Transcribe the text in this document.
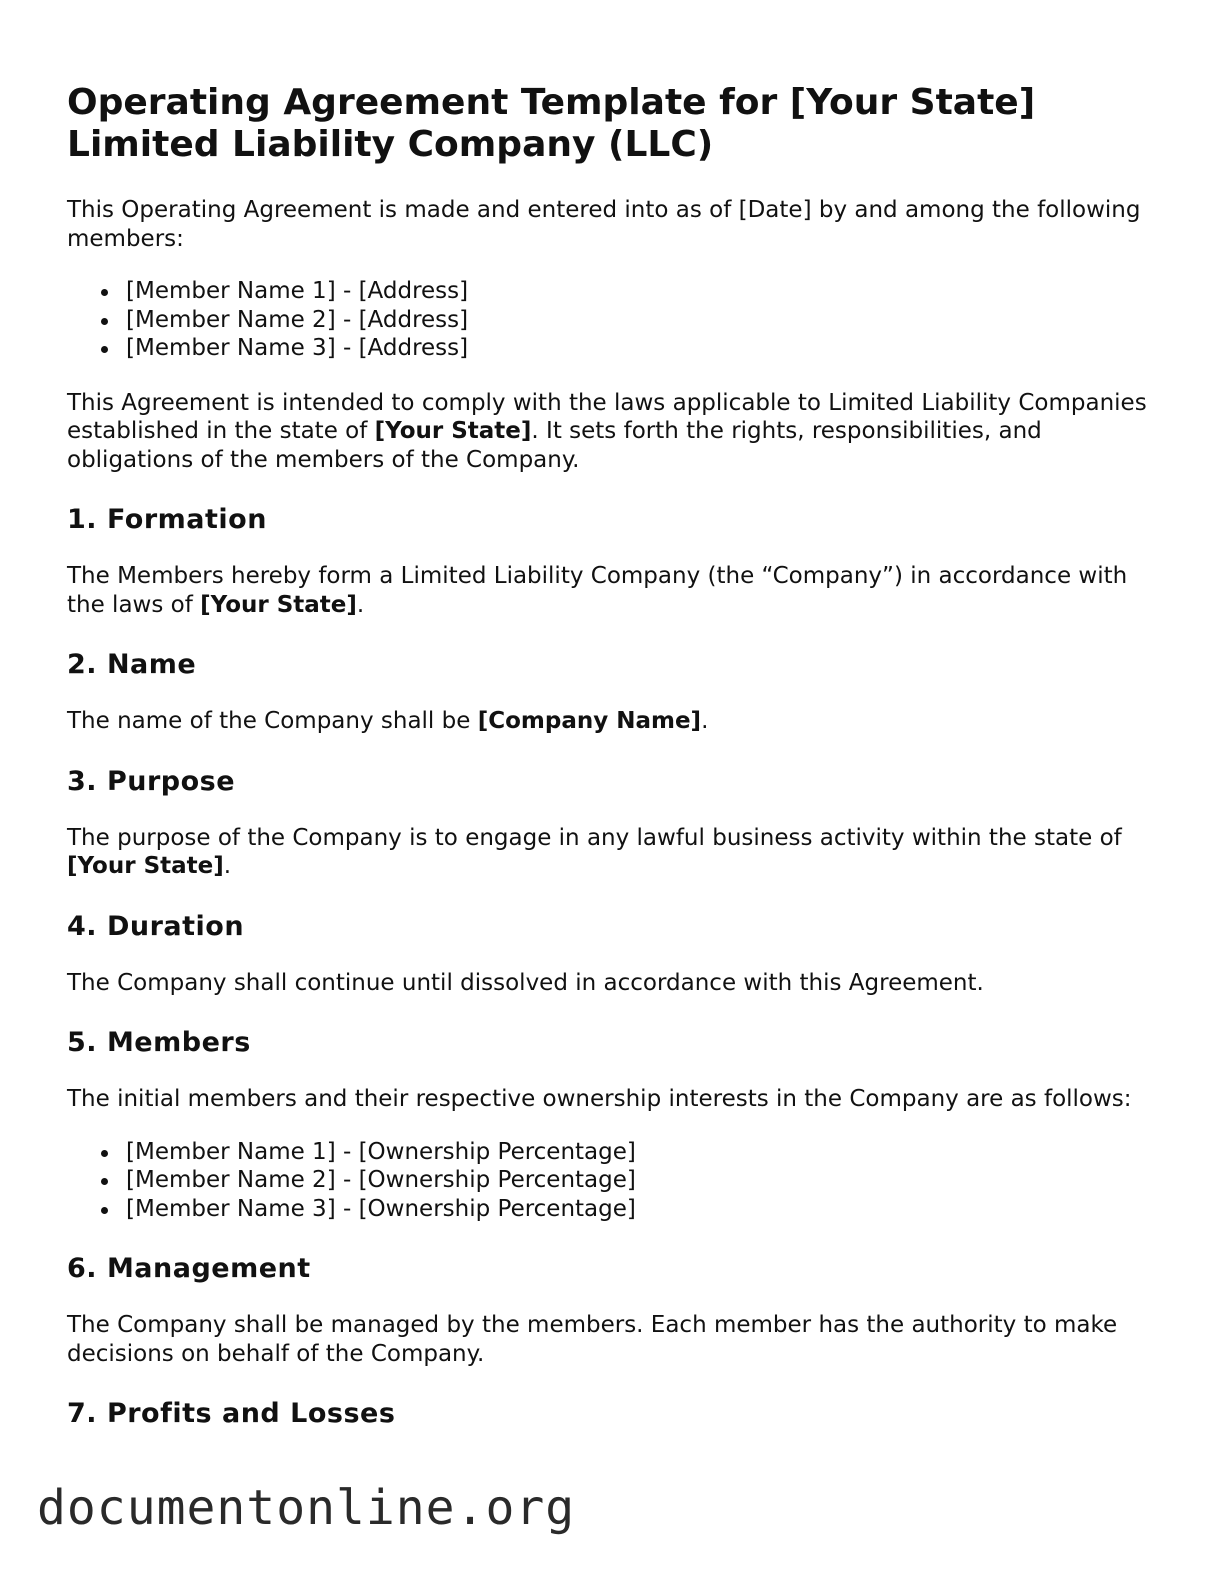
Operating Agreement Template for [Your State]
Limited Liability Company (LLC)

This Operating Agreement is made and entered into as of [Date] by and among the following members:

[Member Name 1] - [Address]
[Member Name 2] - [Address]
[Member Name 3] - [Address]

This Agreement is intended to comply with the laws applicable to Limited Liability Companies established in the state of [Your State]. It sets forth the rights, responsibilities, and obligations of the members of the Company.

1. Formation

The Members hereby form a Limited Liability Company (the “Company”) in accordance with the laws of [Your State].

2. Name

The name of the Company shall be [Company Name].

3. Purpose

The purpose of the Company is to engage in any lawful business activity within the state of [Your State].

4. Duration

The Company shall continue until dissolved in accordance with this Agreement.

5. Members

The initial members and their respective ownership interests in the Company are as follows:

[Member Name 1] - [Ownership Percentage]
[Member Name 2] - [Ownership Percentage]
[Member Name 3] - [Ownership Percentage]
6. Management

The Company shall be managed by the members. Each member has the authority to make decisions on behalf of the Company.

7. Profits and Losses
documentonline.org
